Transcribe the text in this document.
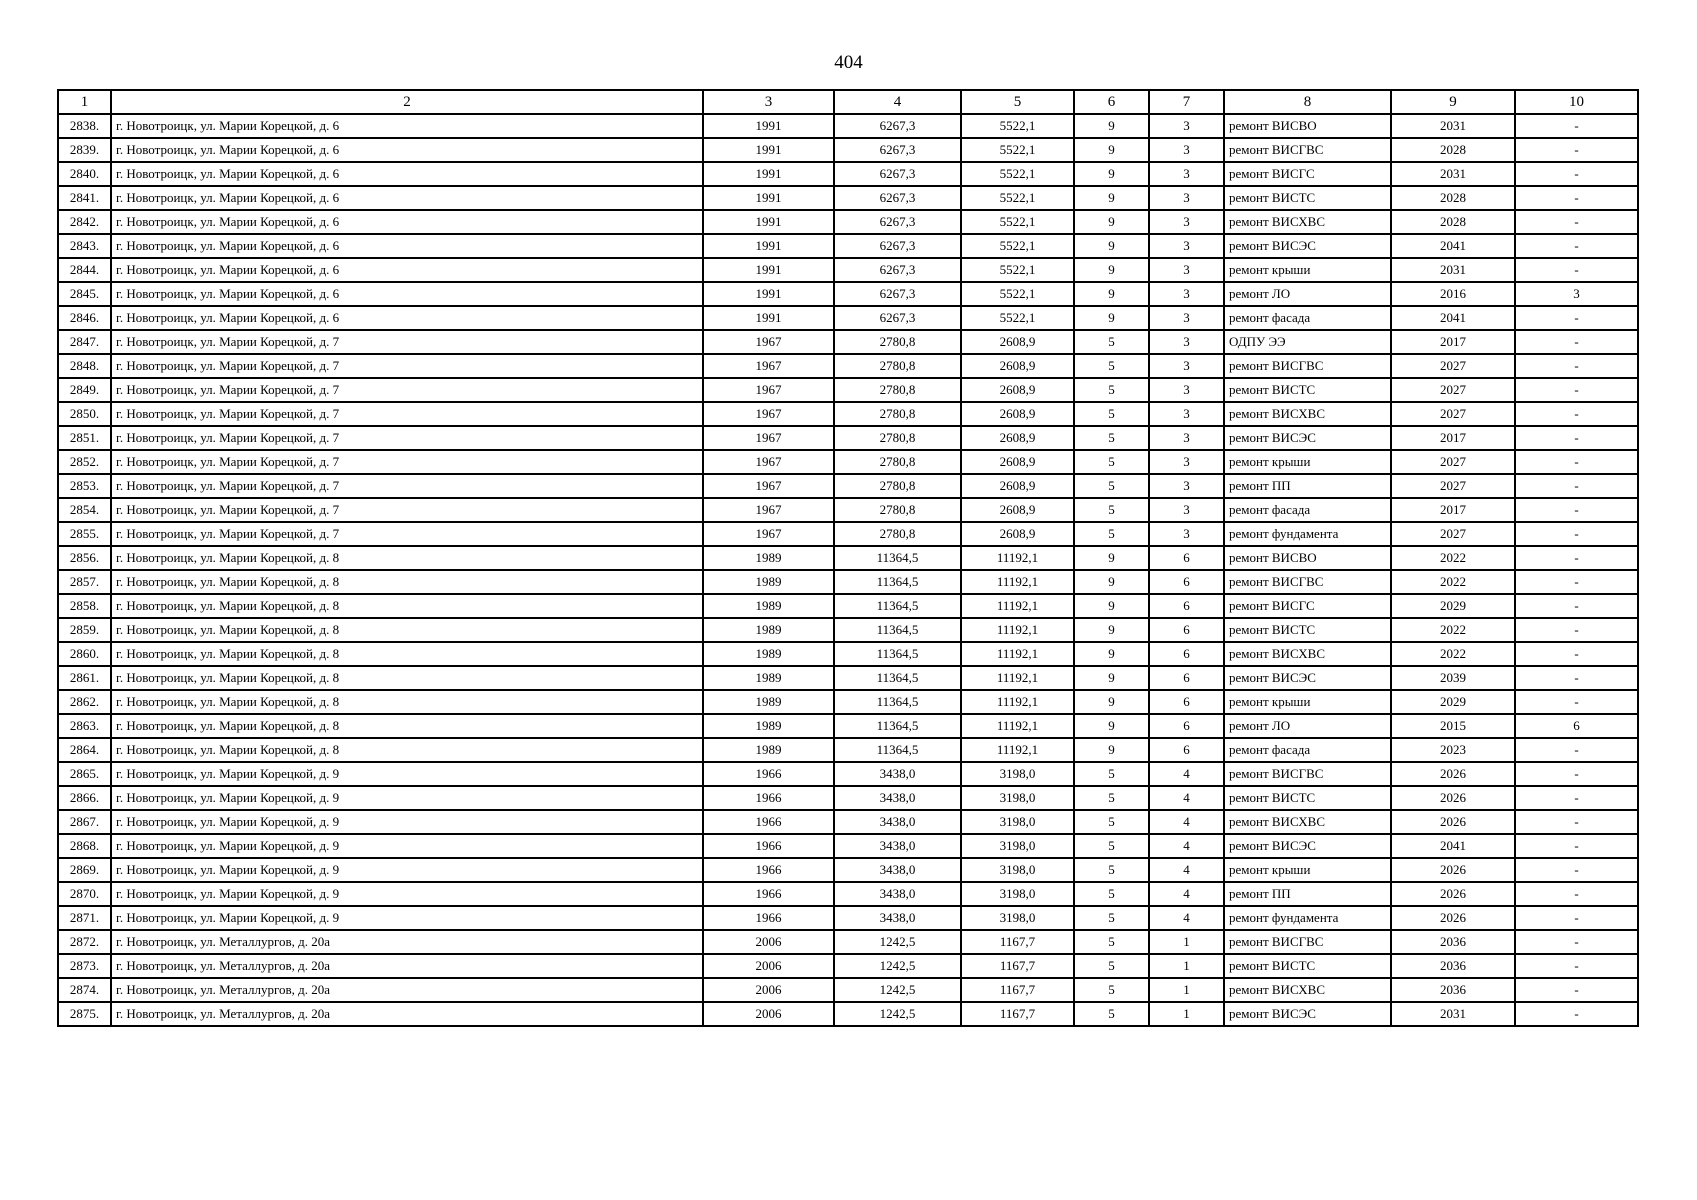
404
1	2	3	4	5	6	7	8	9	10
2838.	г. Новотроицк, ул. Марии Корецкой, д. 6	1991	6267,3	5522,1	9	3	ремонт ВИСВО	2031	-
2839.	г. Новотроицк, ул. Марии Корецкой, д. 6	1991	6267,3	5522,1	9	3	ремонт ВИСГВС	2028	-
2840.	г. Новотроицк, ул. Марии Корецкой, д. 6	1991	6267,3	5522,1	9	3	ремонт ВИСГС	2031	-
2841.	г. Новотроицк, ул. Марии Корецкой, д. 6	1991	6267,3	5522,1	9	3	ремонт ВИСТС	2028	-
2842.	г. Новотроицк, ул. Марии Корецкой, д. 6	1991	6267,3	5522,1	9	3	ремонт ВИСХВС	2028	-
2843.	г. Новотроицк, ул. Марии Корецкой, д. 6	1991	6267,3	5522,1	9	3	ремонт ВИСЭС	2041	-
2844.	г. Новотроицк, ул. Марии Корецкой, д. 6	1991	6267,3	5522,1	9	3	ремонт крыши	2031	-
2845.	г. Новотроицк, ул. Марии Корецкой, д. 6	1991	6267,3	5522,1	9	3	ремонт ЛО	2016	3
2846.	г. Новотроицк, ул. Марии Корецкой, д. 6	1991	6267,3	5522,1	9	3	ремонт фасада	2041	-
2847.	г. Новотроицк, ул. Марии Корецкой, д. 7	1967	2780,8	2608,9	5	3	ОДПУ ЭЭ	2017	-
2848.	г. Новотроицк, ул. Марии Корецкой, д. 7	1967	2780,8	2608,9	5	3	ремонт ВИСГВС	2027	-
2849.	г. Новотроицк, ул. Марии Корецкой, д. 7	1967	2780,8	2608,9	5	3	ремонт ВИСТС	2027	-
2850.	г. Новотроицк, ул. Марии Корецкой, д. 7	1967	2780,8	2608,9	5	3	ремонт ВИСХВС	2027	-
2851.	г. Новотроицк, ул. Марии Корецкой, д. 7	1967	2780,8	2608,9	5	3	ремонт ВИСЭС	2017	-
2852.	г. Новотроицк, ул. Марии Корецкой, д. 7	1967	2780,8	2608,9	5	3	ремонт крыши	2027	-
2853.	г. Новотроицк, ул. Марии Корецкой, д. 7	1967	2780,8	2608,9	5	3	ремонт ПП	2027	-
2854.	г. Новотроицк, ул. Марии Корецкой, д. 7	1967	2780,8	2608,9	5	3	ремонт фасада	2017	-
2855.	г. Новотроицк, ул. Марии Корецкой, д. 7	1967	2780,8	2608,9	5	3	ремонт фундамента	2027	-
2856.	г. Новотроицк, ул. Марии Корецкой, д. 8	1989	11364,5	11192,1	9	6	ремонт ВИСВО	2022	-
2857.	г. Новотроицк, ул. Марии Корецкой, д. 8	1989	11364,5	11192,1	9	6	ремонт ВИСГВС	2022	-
2858.	г. Новотроицк, ул. Марии Корецкой, д. 8	1989	11364,5	11192,1	9	6	ремонт ВИСГС	2029	-
2859.	г. Новотроицк, ул. Марии Корецкой, д. 8	1989	11364,5	11192,1	9	6	ремонт ВИСТС	2022	-
2860.	г. Новотроицк, ул. Марии Корецкой, д. 8	1989	11364,5	11192,1	9	6	ремонт ВИСХВС	2022	-
2861.	г. Новотроицк, ул. Марии Корецкой, д. 8	1989	11364,5	11192,1	9	6	ремонт ВИСЭС	2039	-
2862.	г. Новотроицк, ул. Марии Корецкой, д. 8	1989	11364,5	11192,1	9	6	ремонт крыши	2029	-
2863.	г. Новотроицк, ул. Марии Корецкой, д. 8	1989	11364,5	11192,1	9	6	ремонт ЛО	2015	6
2864.	г. Новотроицк, ул. Марии Корецкой, д. 8	1989	11364,5	11192,1	9	6	ремонт фасада	2023	-
2865.	г. Новотроицк, ул. Марии Корецкой, д. 9	1966	3438,0	3198,0	5	4	ремонт ВИСГВС	2026	-
2866.	г. Новотроицк, ул. Марии Корецкой, д. 9	1966	3438,0	3198,0	5	4	ремонт ВИСТС	2026	-
2867.	г. Новотроицк, ул. Марии Корецкой, д. 9	1966	3438,0	3198,0	5	4	ремонт ВИСХВС	2026	-
2868.	г. Новотроицк, ул. Марии Корецкой, д. 9	1966	3438,0	3198,0	5	4	ремонт ВИСЭС	2041	-
2869.	г. Новотроицк, ул. Марии Корецкой, д. 9	1966	3438,0	3198,0	5	4	ремонт крыши	2026	-
2870.	г. Новотроицк, ул. Марии Корецкой, д. 9	1966	3438,0	3198,0	5	4	ремонт ПП	2026	-
2871.	г. Новотроицк, ул. Марии Корецкой, д. 9	1966	3438,0	3198,0	5	4	ремонт фундамента	2026	-
2872.	г. Новотроицк, ул. Металлургов, д. 20а	2006	1242,5	1167,7	5	1	ремонт ВИСГВС	2036	-
2873.	г. Новотроицк, ул. Металлургов, д. 20а	2006	1242,5	1167,7	5	1	ремонт ВИСТС	2036	-
2874.	г. Новотроицк, ул. Металлургов, д. 20а	2006	1242,5	1167,7	5	1	ремонт ВИСХВС	2036	-
2875.	г. Новотроицк, ул. Металлургов, д. 20а	2006	1242,5	1167,7	5	1	ремонт ВИСЭС	2031	-
